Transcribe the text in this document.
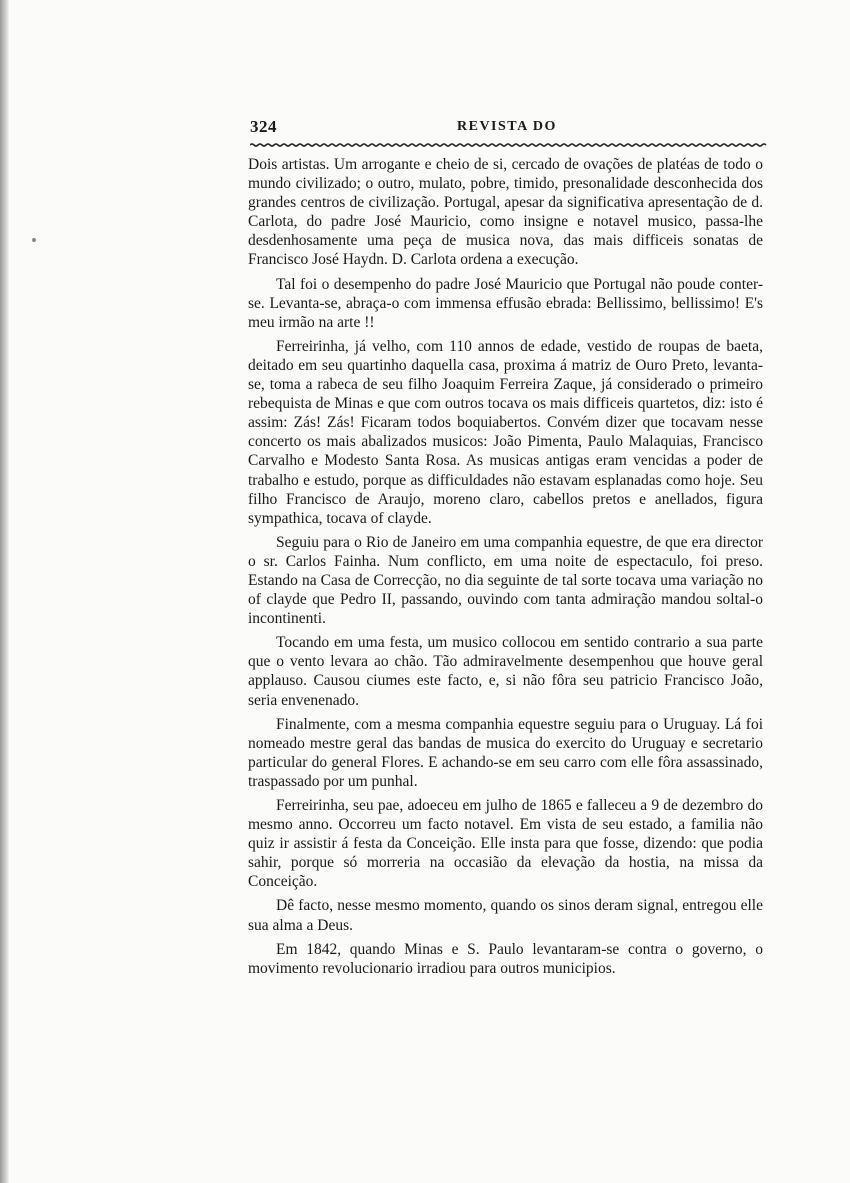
324	REVISTA DO

Dois artistas. Um arrogante e cheio de si, cercado de ovações de platéas de todo o mundo civilizado; o outro, mulato, pobre, timido, presonalidade desconhecida dos grandes centros de civilização. Portugal, apesar da significativa apresentação de d. Carlota, do padre José Mauricio, como insigne e notavel musico, passa-lhe desdenhosamente uma peça de musica nova, das mais difficeis sonatas de Francisco José Haydn. D. Carlota ordena a execução.

Tal foi o desempenho do padre José Mauricio que Portugal não poude conter-se. Levanta-se, abraça-o com immensa effusão ebrada: Bellissimo, bellissimo! E's meu irmão na arte !!

Ferreirinha, já velho, com 110 annos de edade, vestido de roupas de baeta, deitado em seu quartinho daquella casa, proxima á matriz de Ouro Preto, levanta-se, toma a rabeca de seu filho Joaquim Ferreira Zaque, já considerado o primeiro rebequista de Minas e que com outros tocava os mais difficeis quartetos, diz: isto é assim: Zás! Zás! Ficaram todos boquiabertos. Convém dizer que tocavam nesse concerto os mais abalizados musicos: João Pimenta, Paulo Malaquias, Francisco Carvalho e Modesto Santa Rosa. As musicas antigas eram vencidas a poder de trabalho e estudo, porque as difficuldades não estavam esplanadas como hoje. Seu filho Francisco de Araujo, moreno claro, cabellos pretos e anellados, figura sympathica, tocava of clayde.

Seguiu para o Rio de Janeiro em uma companhia equestre, de que era director o sr. Carlos Fainha. Num conflicto, em uma noite de espectaculo, foi preso. Estando na Casa de Correcção, no dia seguinte de tal sorte tocava uma variação no of clayde que Pedro II, passando, ouvindo com tanta admiração mandou soltal-o incontinenti.

Tocando em uma festa, um musico collocou em sentido contrario a sua parte que o vento levara ao chão. Tão admiravelmente desempenhou que houve geral applauso. Causou ciumes este facto, e, si não fôra seu patricio Francisco João, seria envenenado.

Finalmente, com a mesma companhia equestre seguiu para o Uruguay. Lá foi nomeado mestre geral das bandas de musica do exercito do Uruguay e secretario particular do general Flores. E achando-se em seu carro com elle fôra assassinado, traspassado por um punhal.

Ferreirinha, seu pae, adoeceu em julho de 1865 e falleceu a 9 de dezembro do mesmo anno. Occorreu um facto notavel. Em vista de seu estado, a familia não quiz ir assistir á festa da Conceição. Elle insta para que fosse, dizendo: que podia sahir, porque só morreria na occasião da elevação da hostia, na missa da Conceição.

Dê facto, nesse mesmo momento, quando os sinos deram signal, entregou elle sua alma a Deus.

Em 1842, quando Minas e S. Paulo levantaram-se contra o governo, o movimento revolucionario irradiou para outros municipios.
